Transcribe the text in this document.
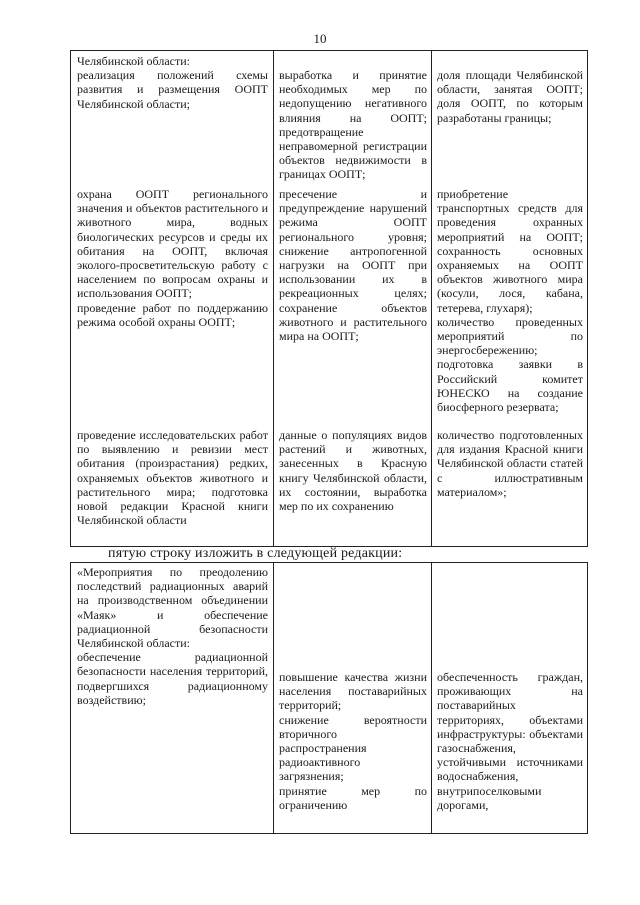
10
Челябинской области:
реализация положений схемы развития и размещения ООПТ Челябинской области;
охрана ООПТ регионального значения и объектов растительного и животного мира, водных биологических ресурсов и среды их обитания на ООПТ, включая эколого-просветительскую работу с населением по вопросам охраны и использования ООПТ;
проведение работ по поддержанию режима особой охраны ООПТ;
проведение исследовательских работ по выявлению и ревизии мест обитания (произрастания) редких, охраняемых объектов животного и растительного мира; подготовка новой редакции Красной книги Челябинской области
выработка и принятие необходимых мер по недопущению негативного влияния на ООПТ; предотвращение неправомерной регистрации объектов недвижимости в границах ООПТ;
пресечение и предупреждение нарушений режима ООПТ регионального уровня; снижение антропогенной нагрузки на ООПТ при использовании их в рекреационных целях; сохранение объектов животного и растительного мира на ООПТ;
данные о популяциях видов растений и животных, занесенных в Красную книгу Челябинской области, их состоянии, выработка мер по их сохранению
доля площади Челябинской области, занятая ООПТ; доля ООПТ, по которым разработаны границы;
приобретение транспортных средств для проведения охранных мероприятий на ООПТ; сохранность основных охраняемых на ООПТ объектов животного мира (косули, лося, кабана, тетерева, глухаря);
количество проведенных мероприятий по энергосбережению;
подготовка заявки в Российский комитет ЮНЕСКО на создание биосферного резервата;
количество подготовленных для издания Красной книги Челябинской области статей с иллюстративным материалом»;
пятую строку изложить в следующей редакции:
«Мероприятия по преодолению последствий радиационных аварий на производственном объединении «Маяк» и обеспечение радиационной безопасности Челябинской области:
обеспечение радиационной безопасности населения территорий, подвергшихся радиационному воздействию;
повышение качества жизни населения поставарийных территорий;
снижение вероятности вторичного распространения радиоактивного загрязнения;
принятие мер по ограничению
обеспеченность граждан, проживающих на поставарийных территориях, объектами инфраструктуры: объектами газоснабжения, устойчивыми источниками водоснабжения, внутрипоселковыми дорогами,
